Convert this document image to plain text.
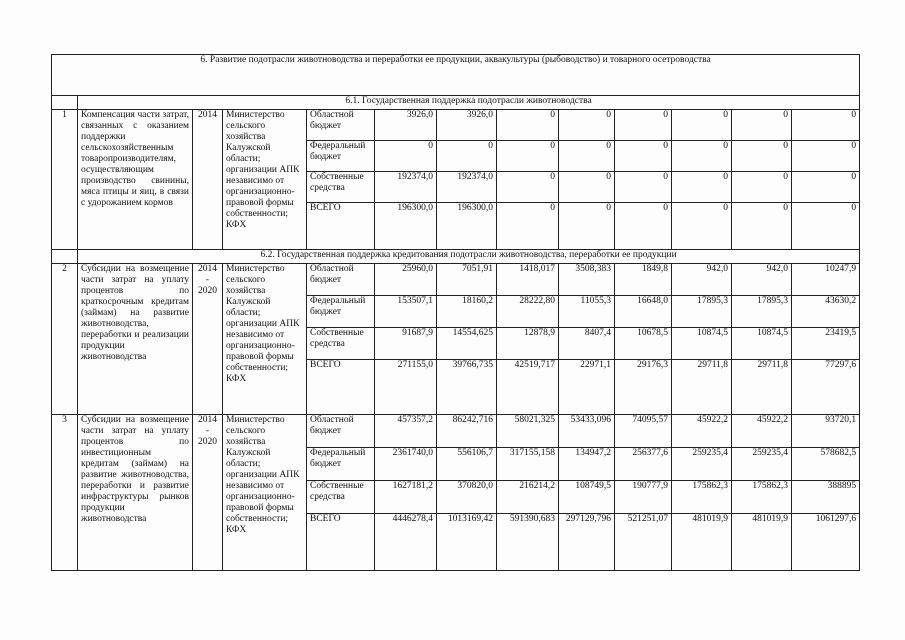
6. Развитие подотрасли животноводства и переработки ее продукции, аквакультуры (рыбоводство) и товарного осетроводства												
	6.1. Государственная поддержка подотрасли животноводства											
1	Компенсация части затрат, связанных с оказанием поддержки сельскохозяйственным товаропроизводителям, осуществляющим производство свинины, мяса птицы и яиц, в связи с удорожанием кормов	2014	Министерство сельского хозяйства Калужской области; организации АПК независимо от организационно-правовой формы собственности; КФХ	Областной бюджет	3926,0	3926,0	0	0	0	0	0	0
				Федеральный бюджет	0	0	0	0	0	0	0	0
				Собственные средства	192374,0	192374,0	0	0	0	0	0	0
				ВСЕГО	196300,0	196300,0	0	0	0	0	0	0
	6.2. Государственная поддержка кредитования подотрасли животноводства, переработки ее продукции											
2	Субсидии на возмещение части затрат на уплату процентов по краткосрочным кредитам (займам) на развитие животноводства, переработки и реализации продукции животноводства	2014 - 2020	Министерство сельского хозяйства Калужской области; организации АПК независимо от организационно-правовой формы собственности; КФХ	Областной бюджет	25960,0	7051,91	1418,017	3508,383	1849,8	942,0	942,0	10247,9
				Федеральный бюджет	153507,1	18160,2	28222,80	11055,3	16648,0	17895,3	17895,3	43630,2
				Собственные средства	91687,9	14554,625	12878,9	8407,4	10678,5	10874,5	10874,5	23419,5
				ВСЕГО	271155,0	39766,735	42519,717	22971,1	29176,3	29711,8	29711,8	77297,6
3	Субсидии на возмещение части затрат на уплату процентов по инвестиционным кредитам (займам) на развитие животноводства, переработки и развитие инфраструктуры рынков продукции животноводства	2014 - 2020	Министерство сельского хозяйства Калужской области; организации АПК независимо от организационно-правовой формы собственности; КФХ	Областной бюджет	457357,2	86242,716	58021,325	53433,096	74095,57	45922,2	45922,2	93720,1
				Федеральный бюджет	2361740,0	556106,7	317155,158	134947,2	256377,6	259235,4	259235,4	578682,5
				Собственные средства	1627181,2	370820,0	216214,2	108749,5	190777,9	175862,3	175862,3	388895
				ВСЕГО	4446278,4	1013169,42	591390,683	297129,796	521251,07	481019,9	481019,9	1061297,6
